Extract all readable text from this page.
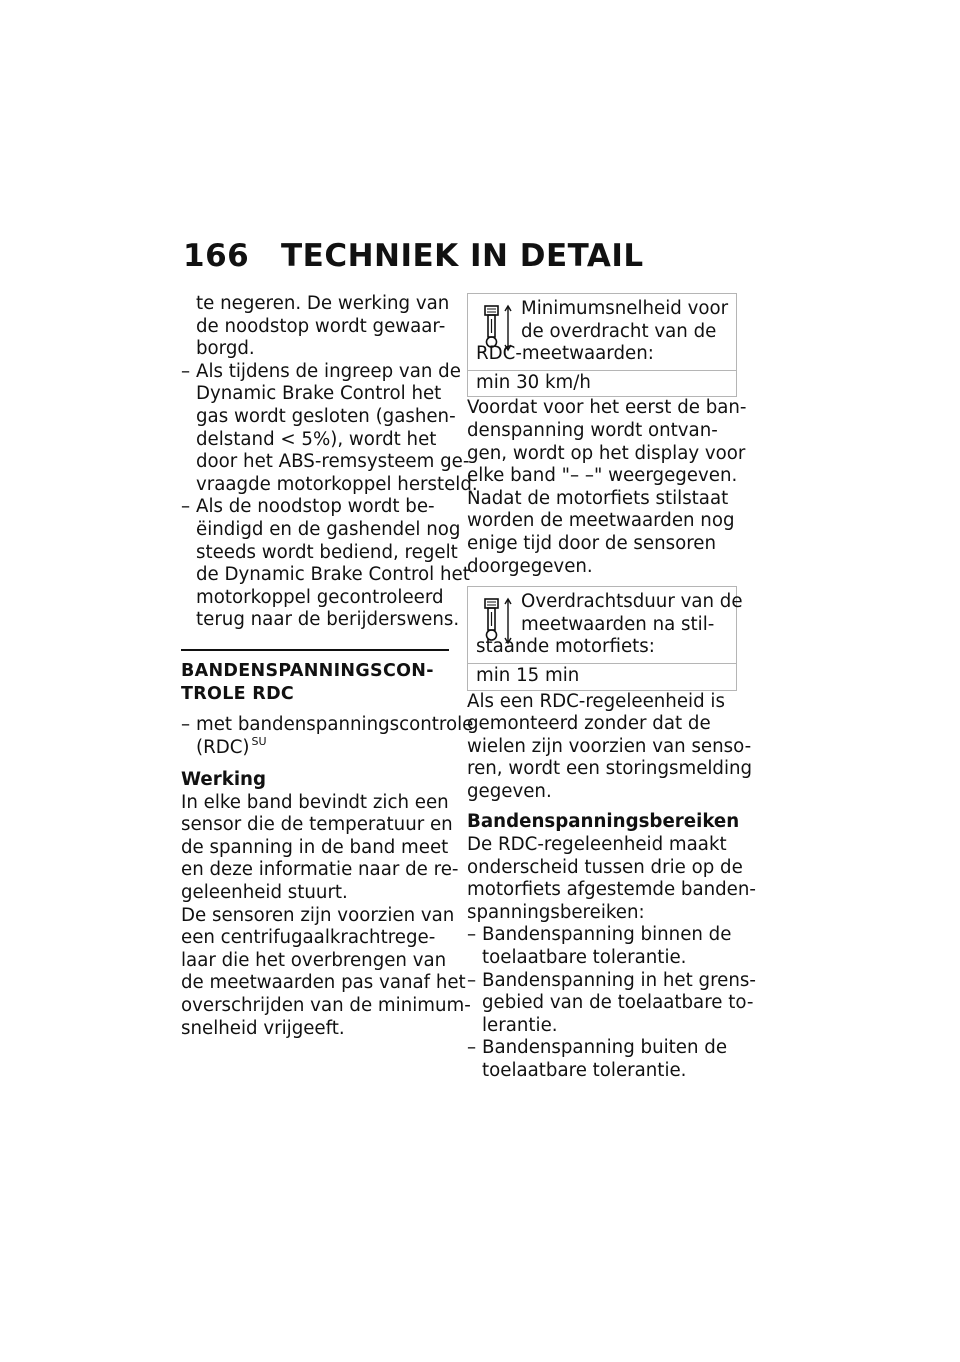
166 TECHNIEK IN DETAIL
te negeren. De werking van
de noodstop wordt gewaar-
borgd.
– Als tijdens de ingreep van de
Dynamic Brake Control het
gas wordt gesloten (gashen-
delstand < 5%), wordt het
door het ABS-remsysteem ge-
vraagde motorkoppel hersteld.
– Als de noodstop wordt be-
ëindigd en de gashendel nog
steeds wordt bediend, regelt
de Dynamic Brake Control het
motorkoppel gecontroleerd
terug naar de berijderswens.
BANDENSPANNINGSCON-
TROLE RDC
– met bandenspanningscontrole
(RDC) $^{SU}$
Werking
In elke band bevindt zich een
sensor die de temperatuur en
de spanning in de band meet
en deze informatie naar de re-
geleenheid stuurt.
De sensoren zijn voorzien van
een centrifugaalkrachtrege-
laar die het overbrengen van
de meetwaarden pas vanaf het
overschrijden van de minimum-
snelheid vrijgeeft.
Minimumsnelheid voor
de overdracht van de
RDC-meetwaarden:
min 30 km/h
Voordat voor het eerst de ban-
denspanning wordt ontvan-
gen, wordt op het display voor
elke band "– –" weergegeven.
Nadat de motorfiets stilstaat
worden de meetwaarden nog
enige tijd door de sensoren
doorgegeven.
Overdrachtsduur van de
meetwaarden na stil-
staande motorfiets:
min 15 min
Als een RDC-regeleenheid is
gemonteerd zonder dat de
wielen zijn voorzien van senso-
ren, wordt een storingsmelding
gegeven.
Bandenspanningsbereiken
De RDC-regeleenheid maakt
onderscheid tussen drie op de
motorfiets afgestemde banden-
spanningsbereiken:
– Bandenspanning binnen de
toelaatbare tolerantie.
– Bandenspanning in het grens-
gebied van de toelaatbare to-
lerantie.
– Bandenspanning buiten de
toelaatbare tolerantie.
